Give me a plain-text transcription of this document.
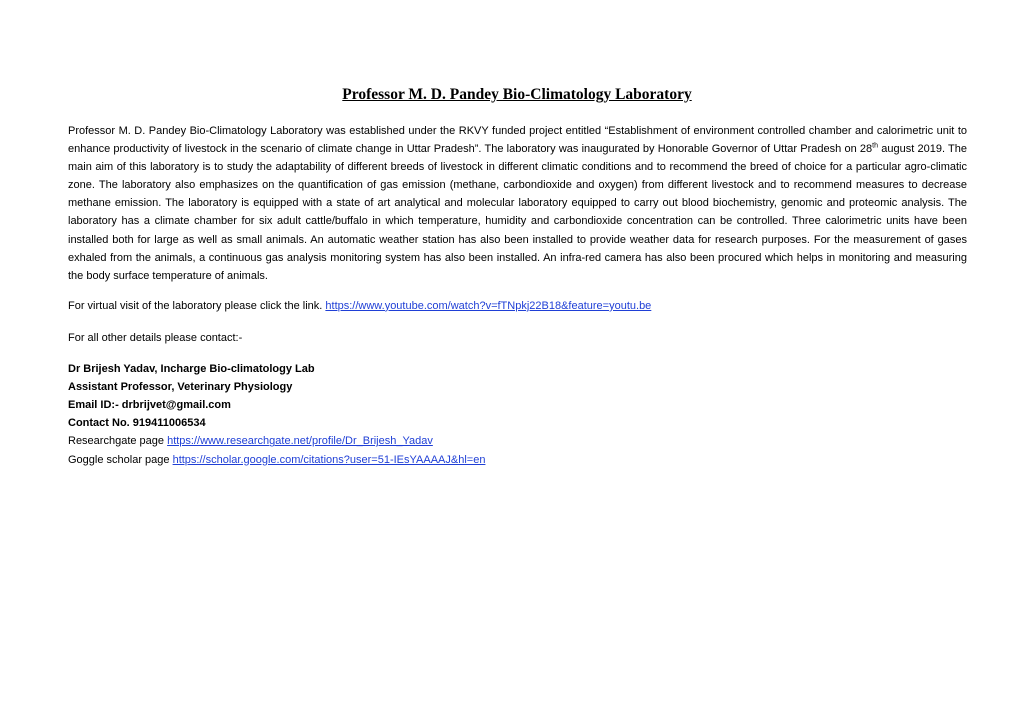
Professor M. D. Pandey Bio-Climatology Laboratory

Professor M. D. Pandey Bio-Climatology Laboratory was established under the RKVY funded project entitled “Establishment of environment controlled chamber and calorimetric unit to enhance productivity of livestock in the scenario of climate change in Uttar Pradesh”. The laboratory was inaugurated by Honorable Governor of Uttar Pradesh on 28th august 2019. The main aim of this laboratory is to study the adaptability of different breeds of livestock in different climatic conditions and to recommend the breed of choice for a particular agro-climatic zone. The laboratory also emphasizes on the quantification of gas emission (methane, carbondioxide and oxygen) from different livestock and to recommend measures to decrease methane emission. The laboratory is equipped with a state of art analytical and molecular laboratory equipped to carry out blood biochemistry, genomic and proteomic analysis. The laboratory has a climate chamber for six adult cattle/buffalo in which temperature, humidity and carbondioxide concentration can be controlled. Three calorimetric units have been installed both for large as well as small animals. An automatic weather station has also been installed to provide weather data for research purposes. For the measurement of gases exhaled from the animals, a continuous gas analysis monitoring system has also been installed. An infra-red camera has also been procured which helps in monitoring and measuring the body surface temperature of animals.

For virtual visit of the laboratory please click the link. https://www.youtube.com/watch?v=fTNpkj22B18&feature=youtu.be

For all other details please contact:-

Dr Brijesh Yadav, Incharge Bio-climatology Lab

Assistant Professor, Veterinary Physiology

Email ID:- drbrijvet@gmail.com

Contact No. 919411006534

Researchgate page https://www.researchgate.net/profile/Dr_Brijesh_Yadav

Goggle scholar page https://scholar.google.com/citations?user=51-IEsYAAAAJ&hl=en
